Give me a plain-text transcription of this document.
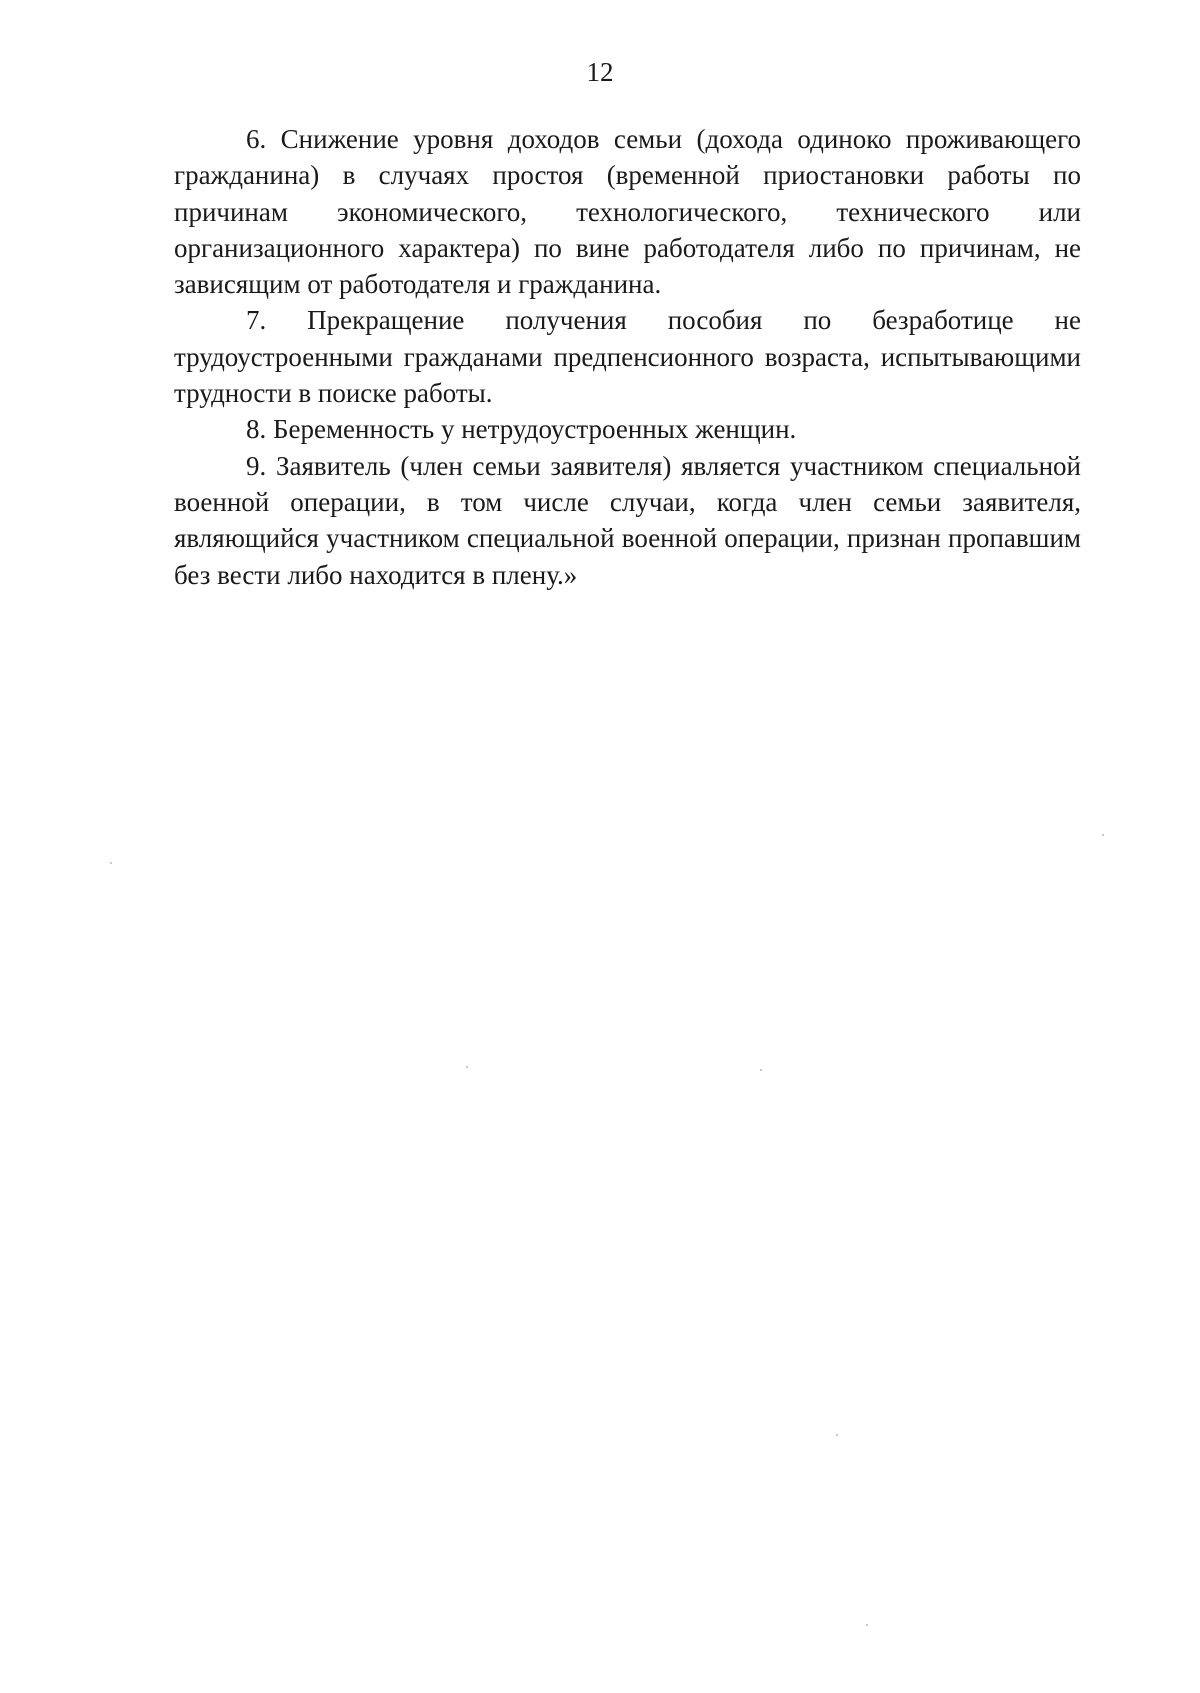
12

6. Снижение уровня доходов семьи (дохода одиноко проживающего гражданина) в случаях простоя (временной приостановки работы по причинам экономического, технологического, технического или организационного характера) по вине работодателя либо по причинам, не зависящим от работодателя и гражданина.

7. Прекращение получения пособия по безработице не трудоустроенными гражданами предпенсионного возраста, испытывающими трудности в поиске работы.

8. Беременность у нетрудоустроенных женщин.

9. Заявитель (член семьи заявителя) является участником специальной военной операции, в том числе случаи, когда член семьи заявителя, являющийся участником специальной военной операции, признан пропавшим без вести либо находится в плену.»
